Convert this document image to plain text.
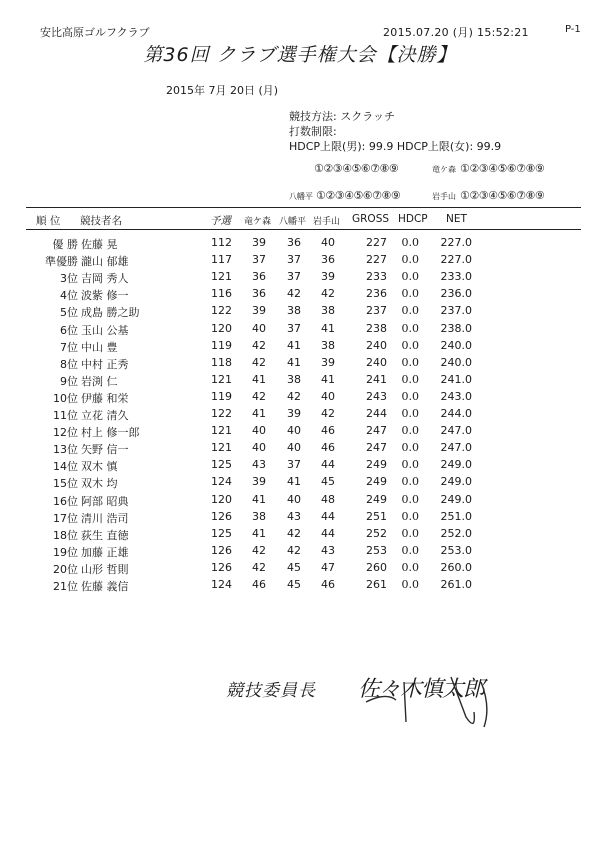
安比高原ゴルフクラブ	2015.07.20 (月) 15:52:21	P-1
第36回 クラブ選手権大会【決勝】
2015年 7月 20日 (月)
競技方法: スクラッチ
打数制限:
HDCP上限(男): 99.9 HDCP上限(女): 99.9
①②③④⑤⑥⑦⑧⑨	竜ケ森 ①②③④⑤⑥⑦⑧⑨
八幡平 ①②③④⑤⑥⑦⑧⑨	岩手山 ①②③④⑤⑥⑦⑧⑨
順 位 競技者名	予選 竜ケ森 八幡平 岩手山 GROSS HDCP NET
優 勝 佐藤 晃	112	39	36	40	227	0.0	227.0
準優勝 瀧山 郁雄	117	37	37	36	227	0.0	227.0
3位 吉岡 秀人	121	36	37	39	233	0.0	233.0
4位 波紫 修一	116	36	42	42	236	0.0	236.0
5位 成島 勝之助	122	39	38	38	237	0.0	237.0
6位 玉山 公基	120	40	37	41	238	0.0	238.0
7位 中山 豊	119	42	41	38	240	0.0	240.0
8位 中村 正秀	118	42	41	39	240	0.0	240.0
9位 岩渕 仁	121	41	38	41	241	0.0	241.0
10位 伊藤 和栄	119	42	42	40	243	0.0	243.0
11位 立花 清久	122	41	39	42	244	0.0	244.0
12位 村上 修一郎	121	40	40	46	247	0.0	247.0
13位 矢野 信一	121	40	40	46	247	0.0	247.0
14位 双木 慎	125	43	37	44	249	0.0	249.0
15位 双木 均	124	39	41	45	249	0.0	249.0
16位 阿部 昭典	120	41	40	48	249	0.0	249.0
17位 清川 浩司	126	38	43	44	251	0.0	251.0
18位 荻生 直徳	125	41	42	44	252	0.0	252.0
19位 加藤 正雄	126	42	42	43	253	0.0	253.0
20位 山形 哲則	126	42	45	47	260	0.0	260.0
21位 佐藤 義信	124	46	45	46	261	0.0	261.0
競技委員長 佐々木慎太郎
